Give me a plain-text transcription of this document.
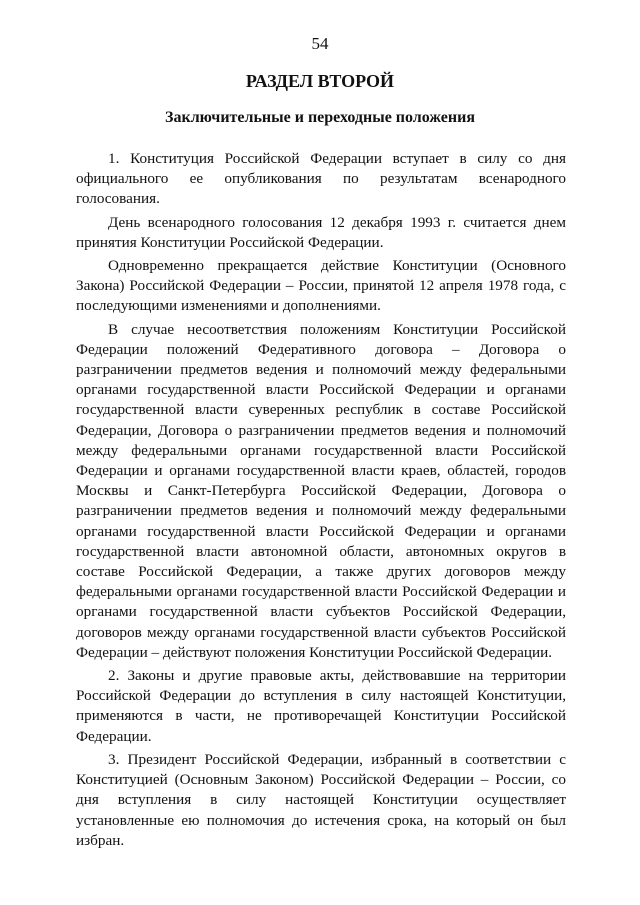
54
РАЗДЕЛ ВТОРОЙ
Заключительные и переходные положения

1. Конституция Российской Федерации вступает в силу со дня официального ее опубликования по результатам всенародного голосования.

День всенародного голосования 12 декабря 1993 г. считается днем принятия Конституции Российской Федерации.

Одновременно прекращается действие Конституции (Основного Закона) Российской Федерации – России, принятой 12 апреля 1978 года, с последующими изменениями и дополнениями.

В случае несоответствия положениям Конституции Российской Федерации положений Федеративного договора – Договора о разграничении предметов ведения и полномочий между федеральными органами государственной власти Российской Федерации и органами государственной власти суверенных республик в составе Российской Федерации, Договора о разграничении предметов ведения и полномочий между федеральными органами государственной власти Российской Федерации и органами государственной власти краев, областей, городов Москвы и Санкт-Петербурга Российской Федерации, Договора о разграничении предметов ведения и полномочий между федеральными органами государственной власти Российской Федерации и органами государственной власти автономной области, автономных округов в составе Российской Федерации, а также других договоров между федеральными органами государственной власти Российской Федерации и органами государственной власти субъектов Российской Федерации, договоров между органами государственной власти субъектов Российской Федерации – действуют положения Конституции Российской Федерации.

2. Законы и другие правовые акты, действовавшие на территории Российской Федерации до вступления в силу настоящей Конституции, применяются в части, не противоречащей Конституции Российской Федерации.

3. Президент Российской Федерации, избранный в соответствии с Конституцией (Основным Законом) Российской Федерации – России, со дня вступления в силу настоящей Конституции осуществляет установленные ею полномочия до истечения срока, на который он был избран.
